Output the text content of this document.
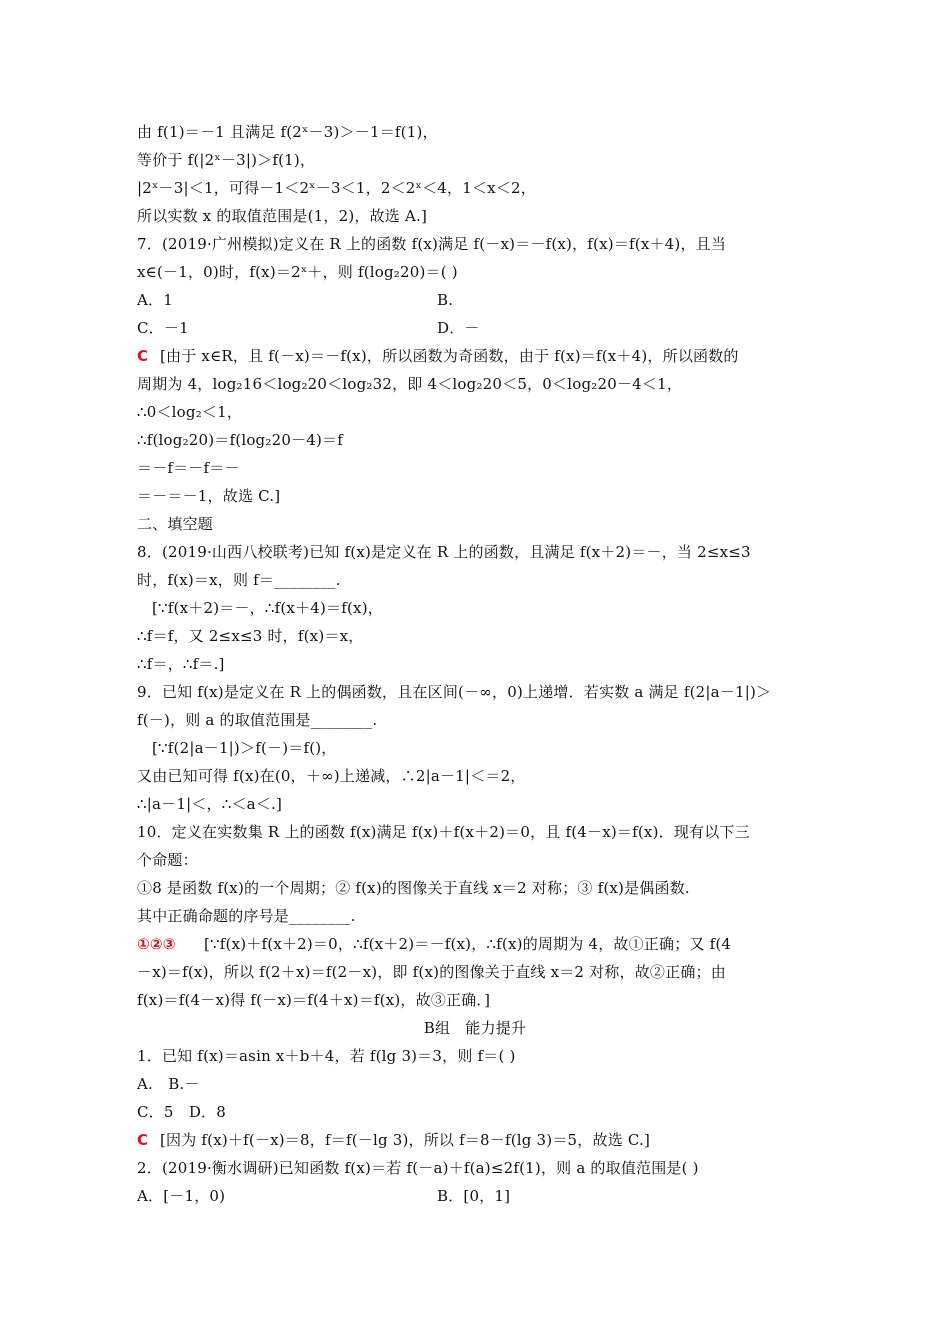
由 f(1)＝－1 且满足 f(2ˣ－3)＞－1＝f(1)，
等价于 f(|2ˣ－3|)＞f(1)，
|2ˣ－3|＜1，可得－1＜2ˣ－3＜1，2＜2ˣ＜4，1＜x＜2，
所以实数 x 的取值范围是(1，2)，故选 A.]
7．(2019·广州模拟)定义在 R 上的函数 f(x)满足 f(－x)＝－f(x)，f(x)＝f(x＋4)，且当
x∈(－1，0)时，f(x)＝2ˣ＋，则 f(log₂20)＝( )
A．1	B.
C．－1	D．－
C [由于 x∈R，且 f(－x)＝－f(x)，所以函数为奇函数，由于 f(x)＝f(x＋4)，所以函数的
周期为 4，log₂16＜log₂20＜log₂32，即 4＜log₂20＜5，0＜log₂20－4＜1，
∴0＜log₂＜1，
∴f(log₂20)＝f(log₂20－4)＝f
＝－f＝－f＝－
＝－＝－1，故选 C.]
二、填空题
8．(2019·山西八校联考)已知 f(x)是定义在 R 上的函数，且满足 f(x＋2)＝－，当 2≤x≤3
时，f(x)＝x，则 f＝________.
[∵f(x＋2)＝－，∴f(x＋4)＝f(x)，
∴f＝f，又 2≤x≤3 时，f(x)＝x，
∴f＝，∴f＝.]
9．已知 f(x)是定义在 R 上的偶函数，且在区间(－∞，0)上递增．若实数 a 满足 f(2|a－1|)＞
f(－)，则 a 的取值范围是________.
[∵f(2|a－1|)＞f(－)＝f()，
又由已知可得 f(x)在(0，＋∞)上递减，∴2|a－1|＜＝2，
∴|a－1|＜，∴＜a＜.]
10．定义在实数集 R 上的函数 f(x)满足 f(x)＋f(x＋2)＝0，且 f(4－x)＝f(x)．现有以下三
个命题：
①8 是函数 f(x)的一个周期；② f(x)的图像关于直线 x＝2 对称；③ f(x)是偶函数.
其中正确命题的序号是________.
①②③ [∵f(x)＋f(x＋2)＝0，∴f(x＋2)＝－f(x)，∴f(x)的周期为 4，故①正确；又 f(4
－x)＝f(x)，所以 f(2＋x)＝f(2－x)，即 f(x)的图像关于直线 x＝2 对称，故②正确；由
f(x)＝f(4－x)得 f(－x)＝f(4＋x)＝f(x)，故③正确．]
B组　能力提升
1．已知 f(x)＝asin x＋b＋4，若 f(lg 3)＝3，则 f＝( )
A.　B.－
C．5　D．8
C [因为 f(x)＋f(－x)＝8，f＝f(－lg 3)，所以 f＝8－f(lg 3)＝5，故选 C.]
2．(2019·衡水调研)已知函数 f(x)＝若 f(－a)＋f(a)≤2f(1)，则 a 的取值范围是( )
A．[－1，0)	B．[0，1]
